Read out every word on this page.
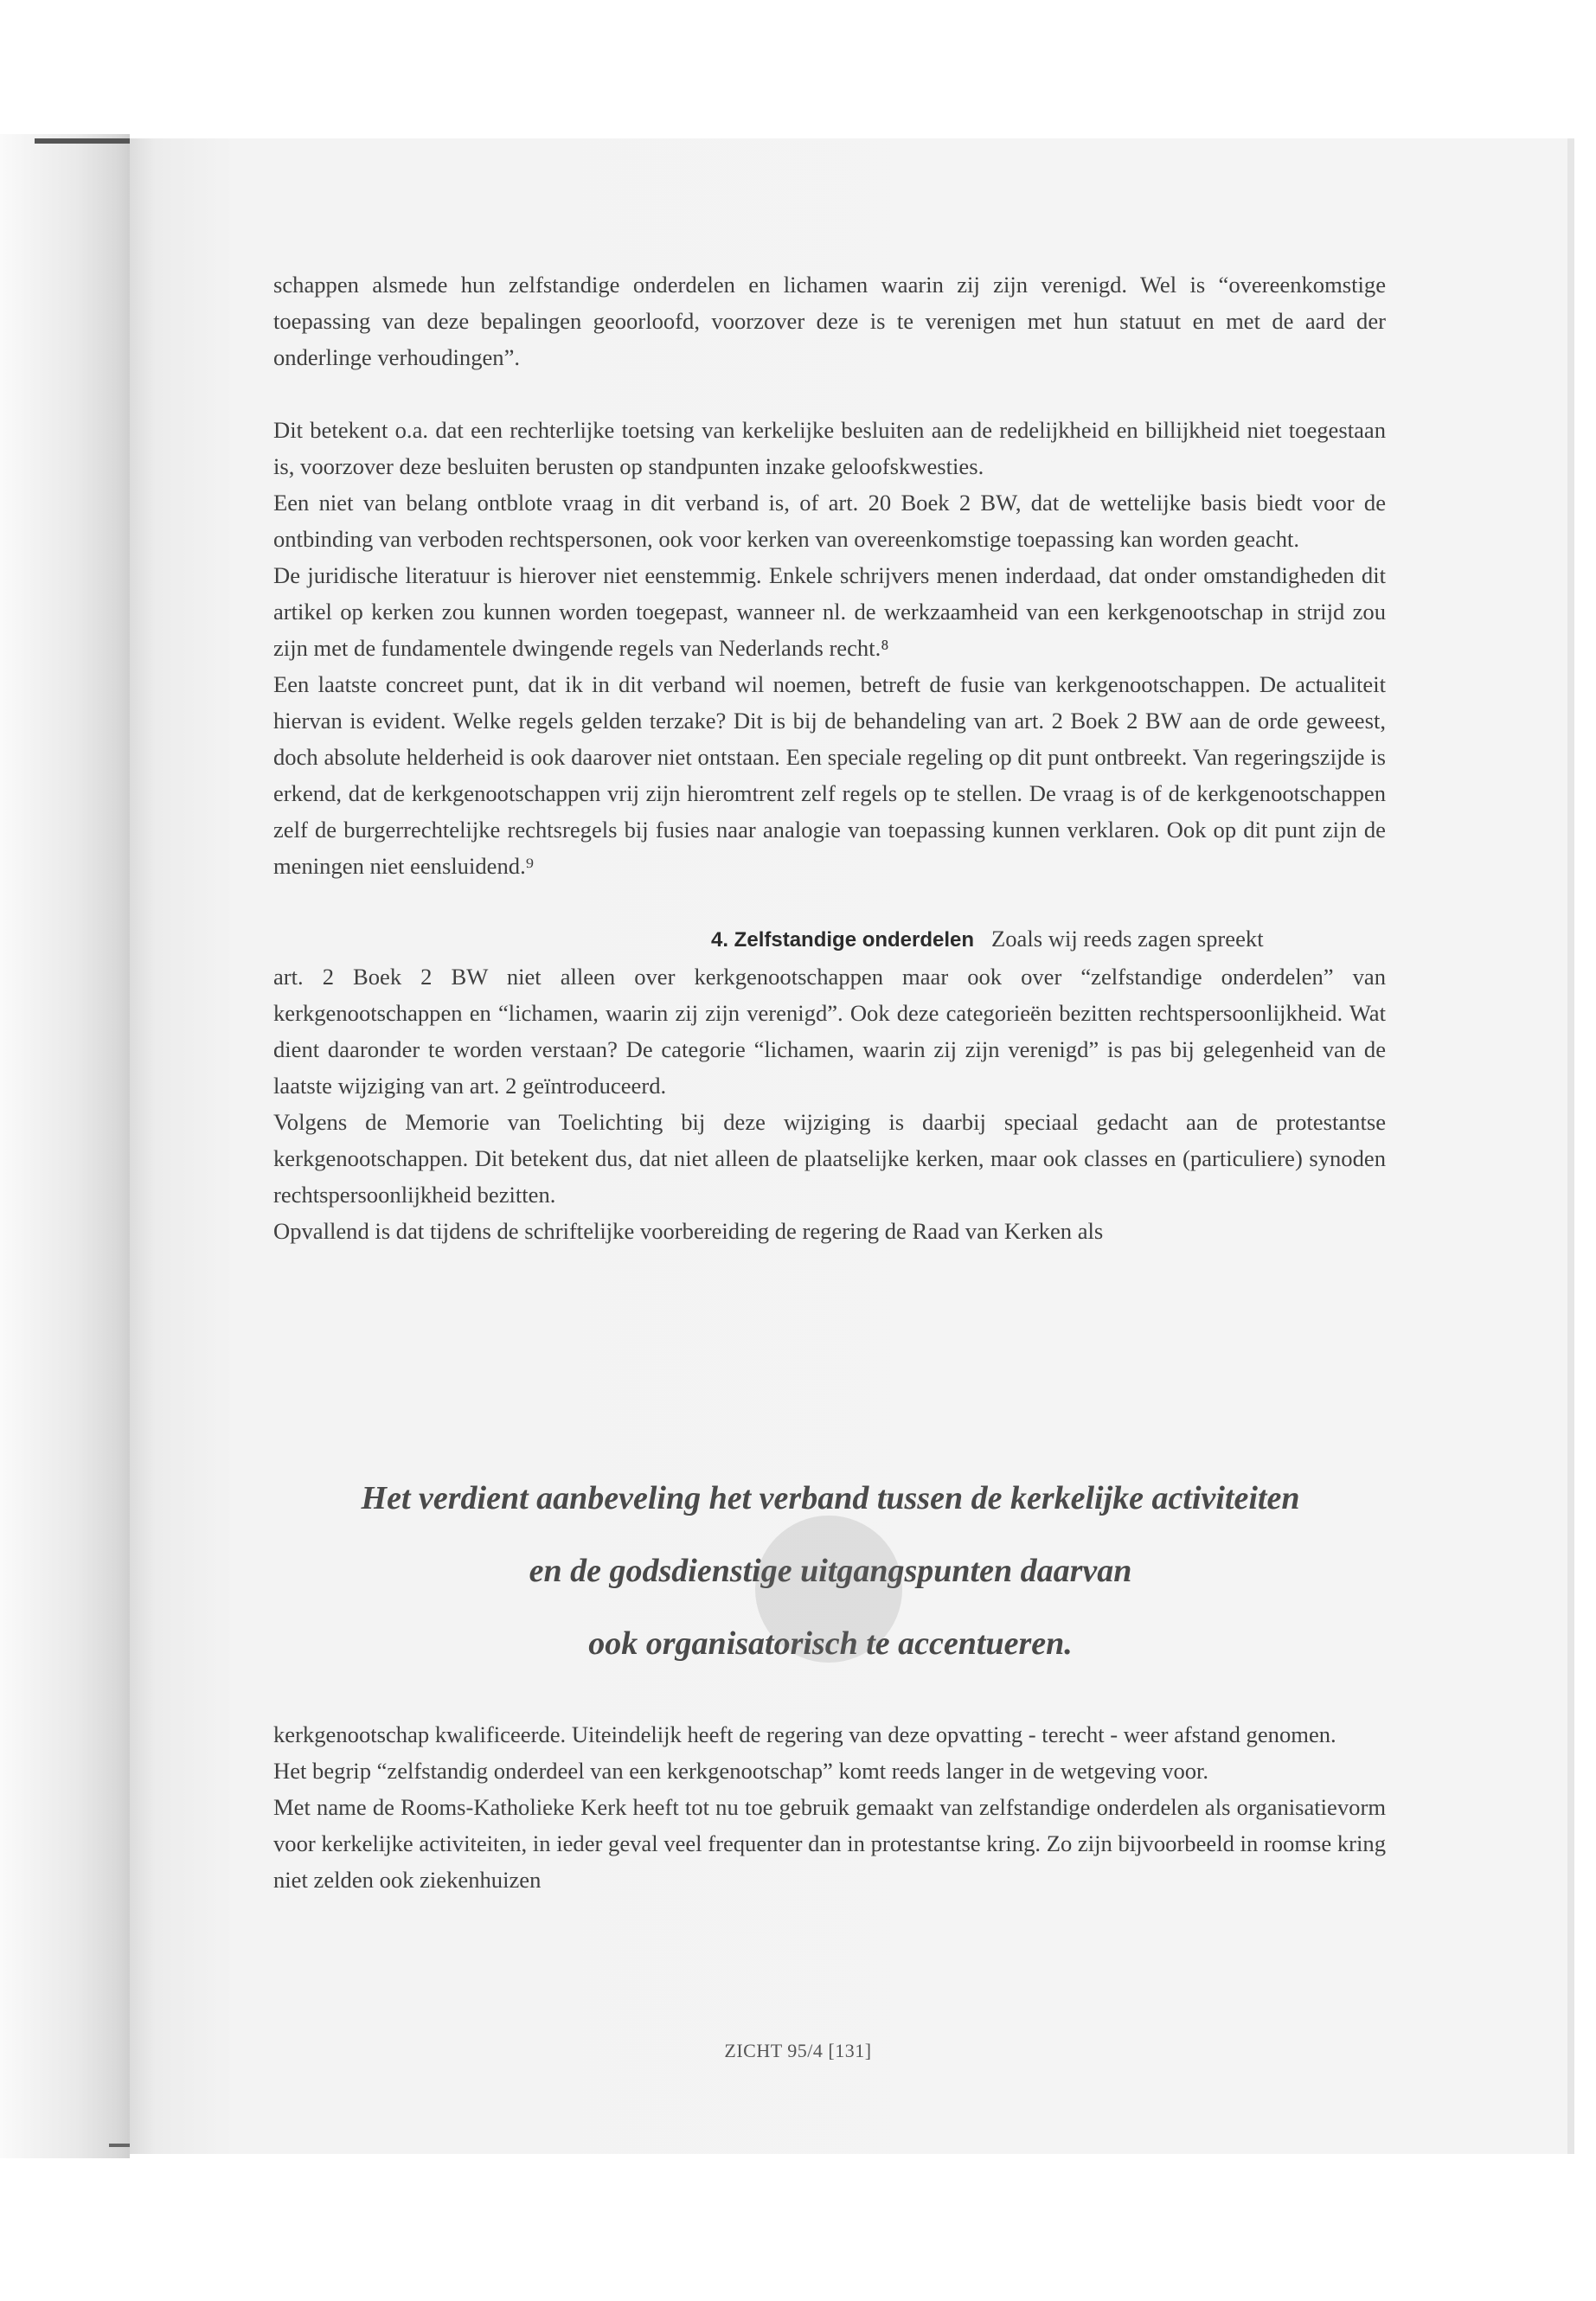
schappen alsmede hun zelfstandige onderdelen en lichamen waarin zij zijn verenigd. Wel is “overeenkomstige toepassing van deze bepalingen geoorloofd, voorzover deze is te verenigen met hun statuut en met de aard der onderlinge verhoudingen”.

Dit betekent o.a. dat een rechterlijke toetsing van kerkelijke besluiten aan de redelijkheid en billijkheid niet toegestaan is, voorzover deze besluiten berusten op standpunten inzake geloofskwesties.

Een niet van belang ontblote vraag in dit verband is, of art. 20 Boek 2 BW, dat de wettelijke basis biedt voor de ontbinding van verboden rechtspersonen, ook voor kerken van overeenkomstige toepassing kan worden geacht.

De juridische literatuur is hierover niet eenstemmig. Enkele schrijvers menen inderdaad, dat onder omstandigheden dit artikel op kerken zou kunnen worden toegepast, wanneer nl. de werkzaamheid van een kerkgenootschap in strijd zou zijn met de fundamentele dwingende regels van Nederlands recht.⁸

Een laatste concreet punt, dat ik in dit verband wil noemen, betreft de fusie van kerkgenootschappen. De actualiteit hiervan is evident. Welke regels gelden terzake? Dit is bij de behandeling van art. 2 Boek 2 BW aan de orde geweest, doch absolute helderheid is ook daarover niet ontstaan. Een speciale regeling op dit punt ontbreekt. Van regeringszijde is erkend, dat de kerkgenootschappen vrij zijn hieromtrent zelf regels op te stellen. De vraag is of de kerkgenootschappen zelf de burgerrechtelijke rechtsregels bij fusies naar analogie van toepassing kunnen verklaren. Ook op dit punt zijn de meningen niet eensluidend.⁹

4. Zelfstandige onderdelen Zoals wij reeds zagen spreekt

art. 2 Boek 2 BW niet alleen over kerkgenootschappen maar ook over “zelfstandige onderdelen” van kerkgenootschappen en “lichamen, waarin zij zijn verenigd”. Ook deze categorieën bezitten rechtspersoonlijkheid. Wat dient daaronder te worden verstaan? De categorie “lichamen, waarin zij zijn verenigd” is pas bij gelegenheid van de laatste wijziging van art. 2 geïntroduceerd.

Volgens de Memorie van Toelichting bij deze wijziging is daarbij speciaal gedacht aan de protestantse kerkgenootschappen. Dit betekent dus, dat niet alleen de plaatselijke kerken, maar ook classes en (particuliere) synoden rechtspersoonlijkheid bezitten.

Opvallend is dat tijdens de schriftelijke voorbereiding de regering de Raad van Kerken als

Het verdient aanbeveling het verband tussen de kerkelijke activiteiten

en de godsdienstige uitgangspunten daarvan

ook organisatorisch te accentueren.

kerkgenootschap kwalificeerde. Uiteindelijk heeft de regering van deze opvatting - terecht - weer afstand genomen.

Het begrip “zelfstandig onderdeel van een kerkgenootschap” komt reeds langer in de wetgeving voor.

Met name de Rooms-Katholieke Kerk heeft tot nu toe gebruik gemaakt van zelfstandige onderdelen als organisatievorm voor kerkelijke activiteiten, in ieder geval veel frequenter dan in protestantse kring. Zo zijn bijvoorbeeld in roomse kring niet zelden ook ziekenhuizen

ZICHT 95/4 [131]
